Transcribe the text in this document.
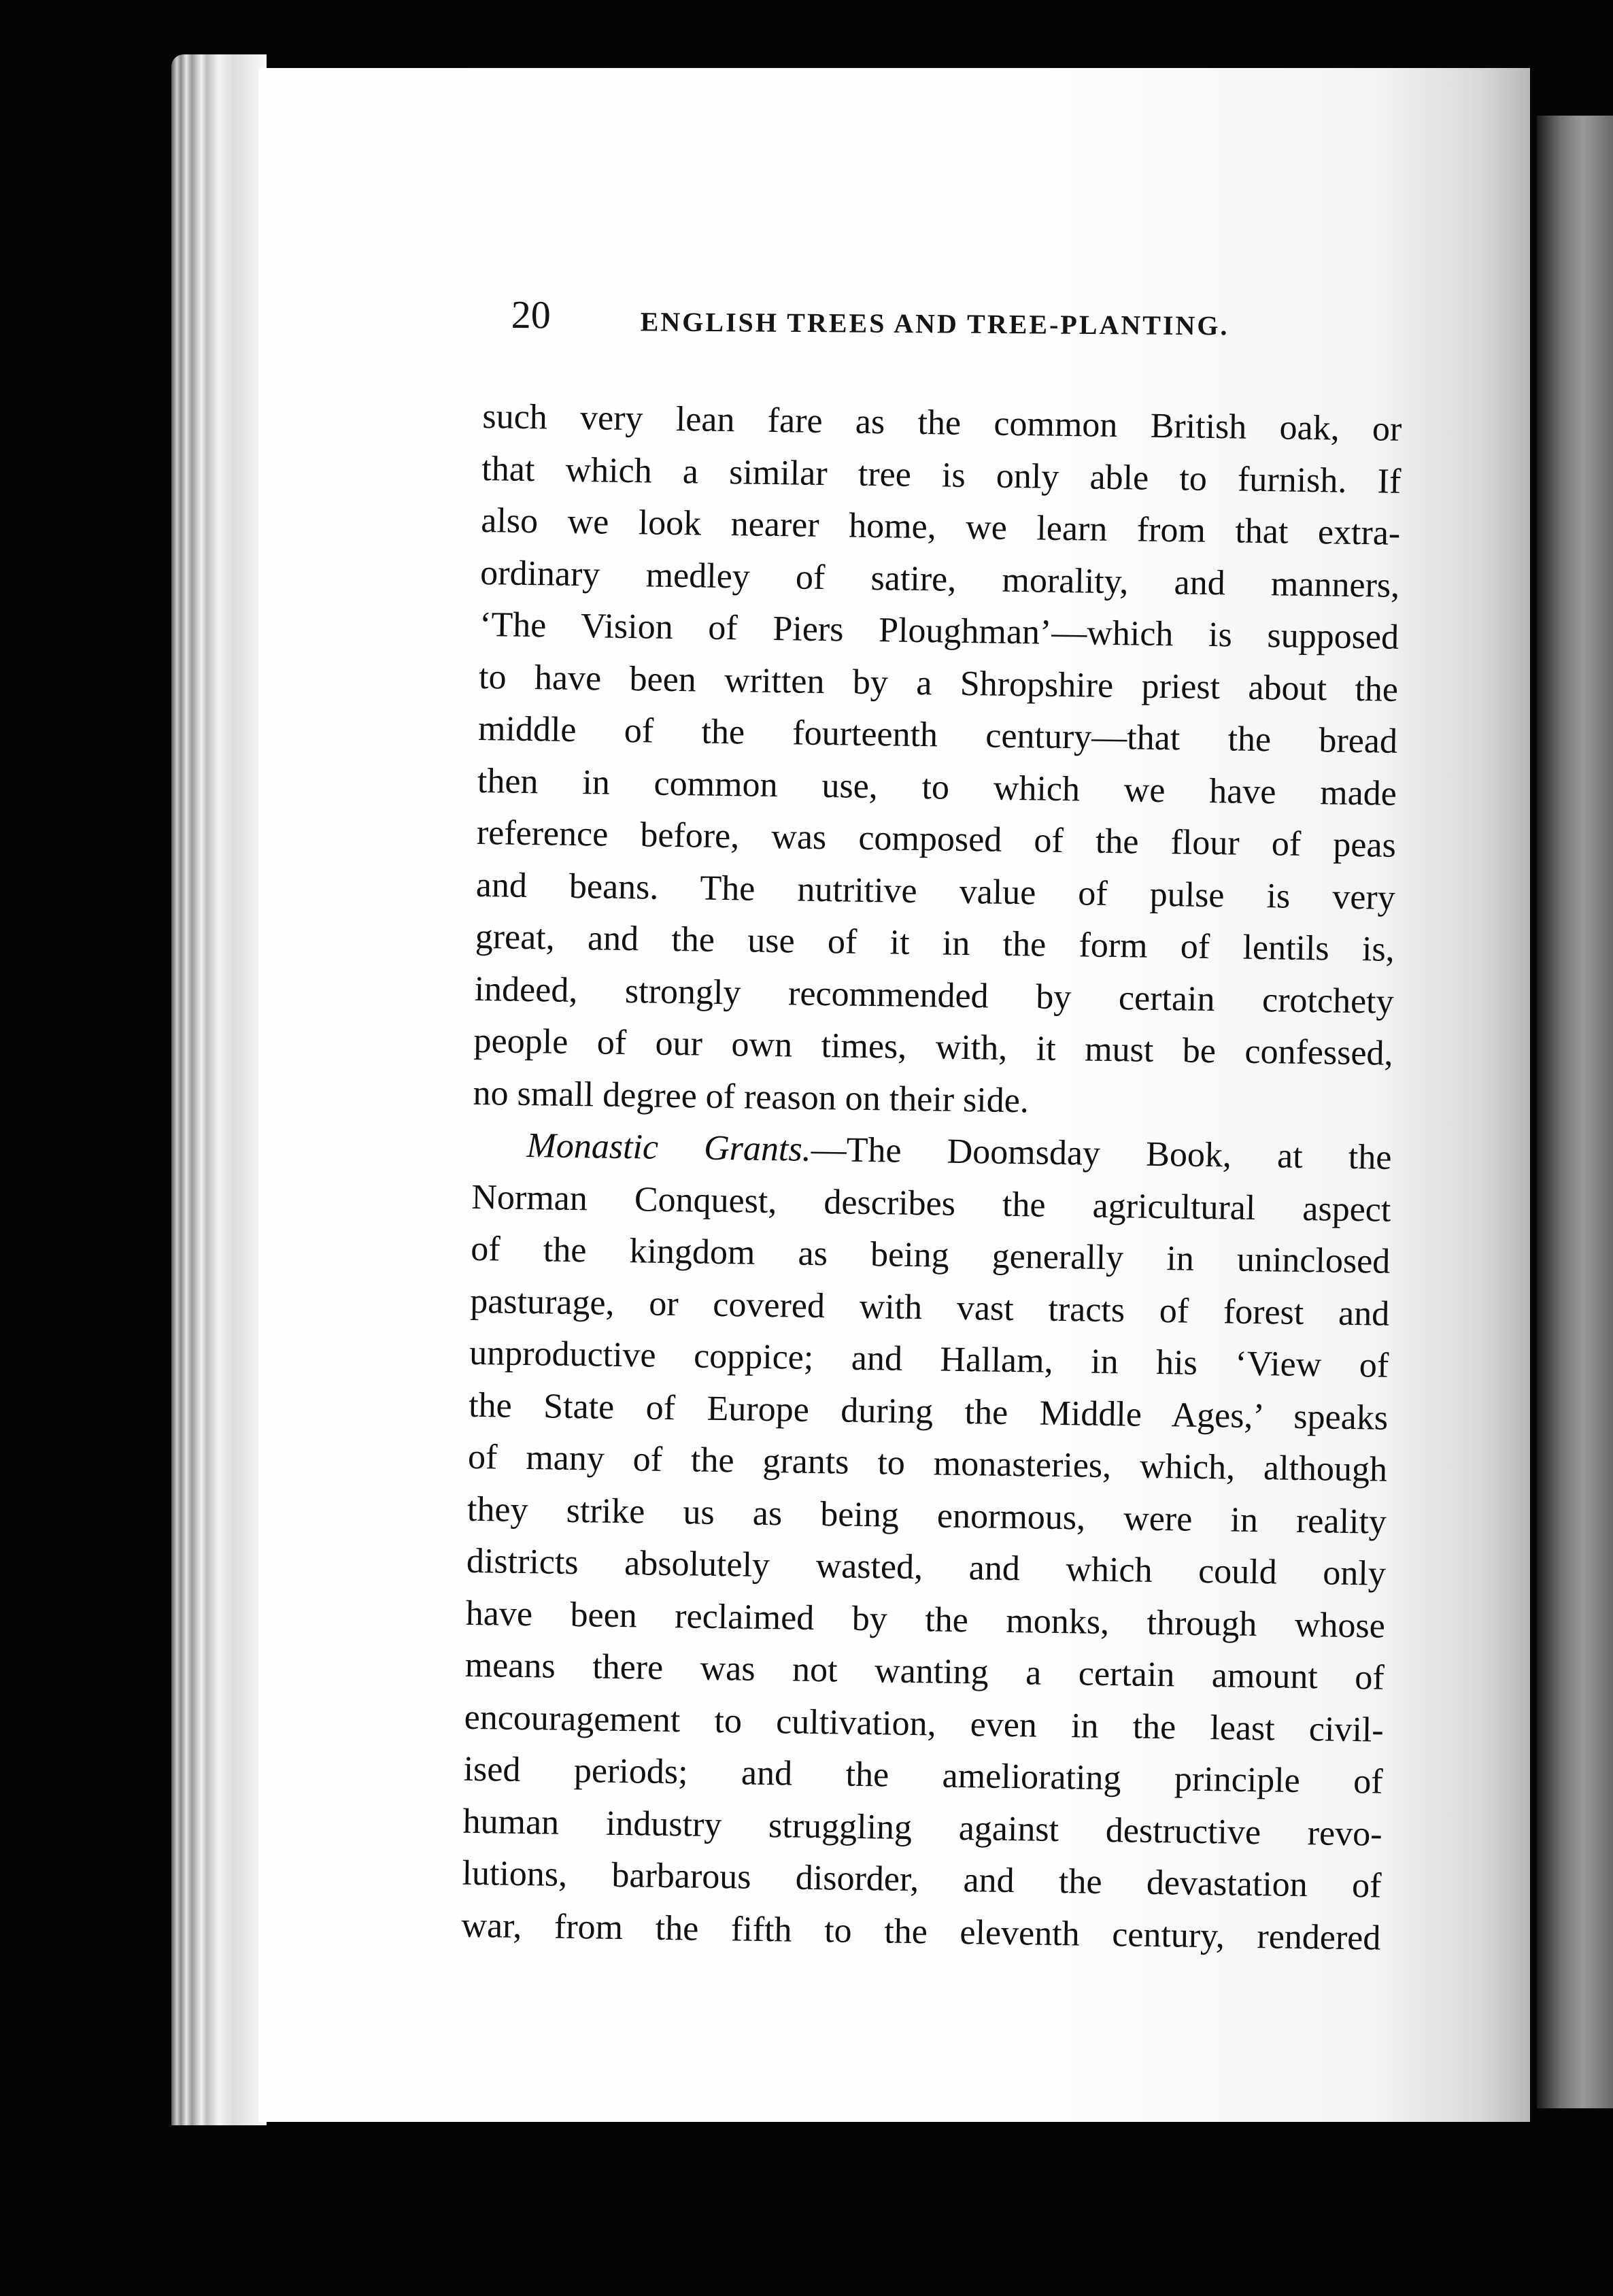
20	ENGLISH TREES AND TREE-PLANTING.
such very lean fare as the common British oak, or
that which a similar tree is only able to furnish. If
also we look nearer home, we learn from that extra-
ordinary medley of satire, morality, and manners,
‘The Vision of Piers Ploughman’—which is supposed
to have been written by a Shropshire priest about the
middle of the fourteenth century—that the bread
then in common use, to which we have made
reference before, was composed of the flour of peas
and beans. The nutritive value of pulse is very
great, and the use of it in the form of lentils is,
indeed, strongly recommended by certain crotchety
people of our own times, with, it must be confessed,
no small degree of reason on their side.
Monastic Grants.—The Doomsday Book, at the
Norman Conquest, describes the agricultural aspect
of the kingdom as being generally in uninclosed
pasturage, or covered with vast tracts of forest and
unproductive coppice; and Hallam, in his ‘View of
the State of Europe during the Middle Ages,’ speaks
of many of the grants to monasteries, which, although
they strike us as being enormous, were in reality
districts absolutely wasted, and which could only
have been reclaimed by the monks, through whose
means there was not wanting a certain amount of
encouragement to cultivation, even in the least civil-
ised periods; and the ameliorating principle of
human industry struggling against destructive revo-
lutions, barbarous disorder, and the devastation of
war, from the fifth to the eleventh century, rendered
